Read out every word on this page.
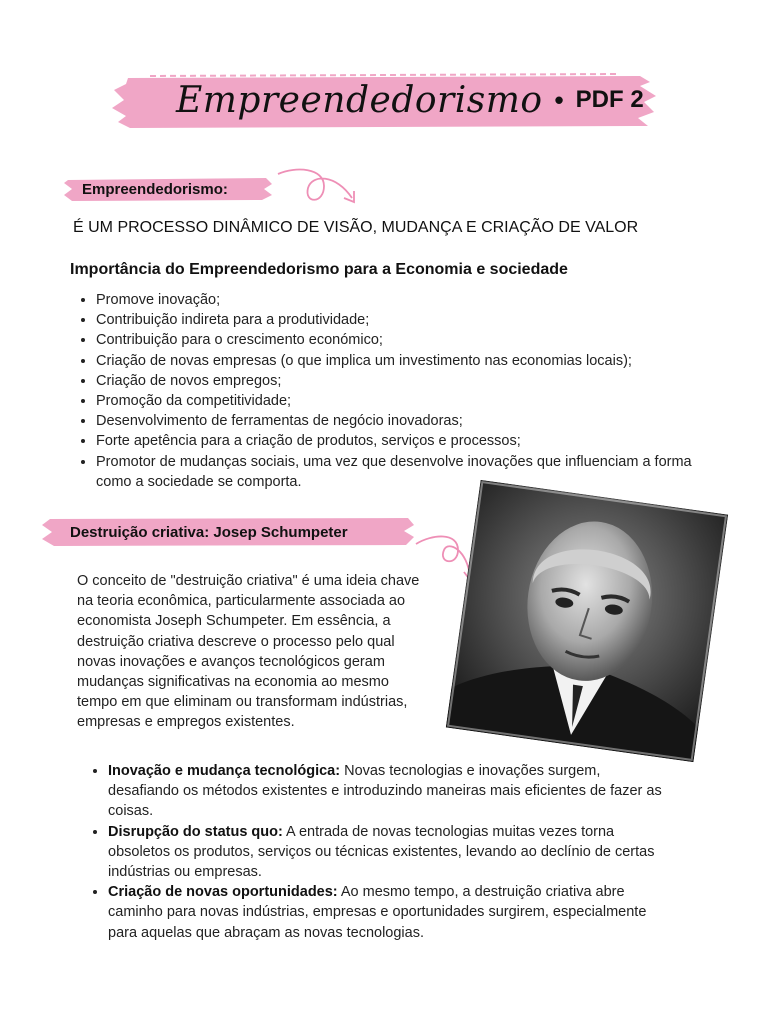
Empreendedorismo • PDF 2
Empreendedorismo:
É UM PROCESSO DINÂMICO DE VISÃO, MUDANÇA E CRIAÇÃO DE VALOR
Importância do Empreendedorismo para a Economia e sociedade
• Promove inovação;
• Contribuição indireta para a produtividade;
• Contribuição para o crescimento económico;
• Criação de novas empresas (o que implica um investimento nas economias locais);
• Criação de novos empregos;
• Promoção da competitividade;
• Desenvolvimento de ferramentas de negócio inovadoras;
• Forte apetência para a criação de produtos, serviços e processos;
• Promotor de mudanças sociais, uma vez que desenvolve inovações que influenciam a forma como a sociedade se comporta.
Destruição criativa: Josep Schumpeter

O conceito de "destruição criativa" é uma ideia chave na teoria econômica, particularmente associada ao economista Joseph Schumpeter. Em essência, a destruição criativa descreve o processo pelo qual novas inovações e avanços tecnológicos geram mudanças significativas na economia ao mesmo tempo em que eliminam ou transformam indústrias, empresas e empregos existentes.

• Inovação e mudança tecnológica: Novas tecnologias e inovações surgem, desafiando os métodos existentes e introduzindo maneiras mais eficientes de fazer as coisas.
• Disrupção do status quo: A entrada de novas tecnologias muitas vezes torna obsoletos os produtos, serviços ou técnicas existentes, levando ao declínio de certas indústrias ou empresas.
• Criação de novas oportunidades: Ao mesmo tempo, a destruição criativa abre caminho para novas indústrias, empresas e oportunidades surgirem, especialmente para aquelas que abraçam as novas tecnologias.
